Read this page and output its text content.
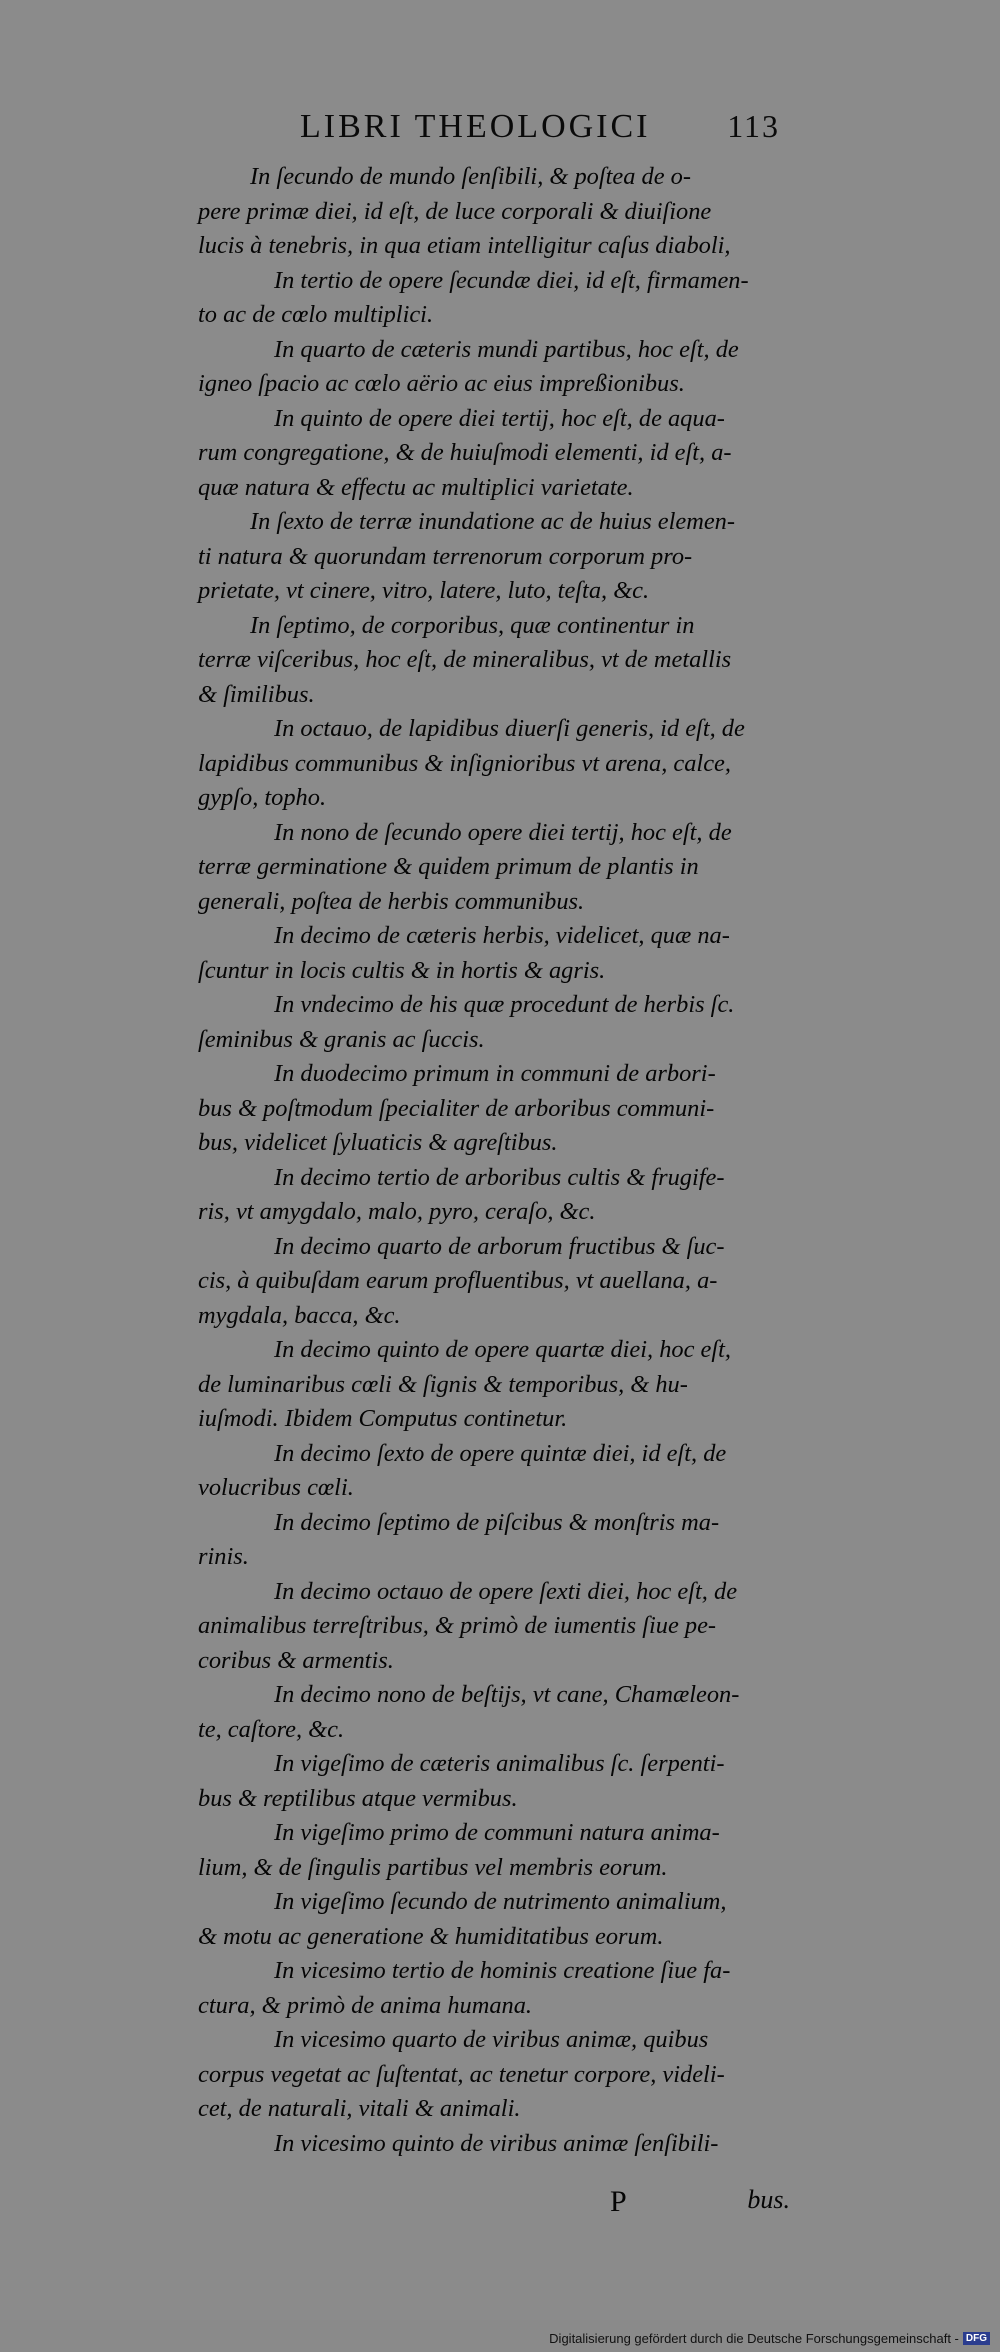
LIBRI THEOLOGICI 113
In ſecundo de mundo ſenſibili, & poſtea de o-
pere primæ diei, id eſt, de luce corporali & diuiſione
lucis à tenebris, in qua etiam intelligitur caſus diaboli,
In tertio de opere ſecundæ diei, id eſt, firmamen-
to ac de cœlo multiplici.
In quarto de cæteris mundi partibus, hoc eſt, de
igneo ſpacio ac cœlo aërio ac eius impreßionibus.
In quinto de opere diei tertij, hoc eſt, de aqua-
rum congregatione, & de huiuſmodi elementi, id eſt, a-
quæ natura & effectu ac multiplici varietate.
In ſexto de terræ inundatione ac de huius elemen-
ti natura & quorundam terrenorum corporum pro-
prietate, vt cinere, vitro, latere, luto, teſta, &c.
In ſeptimo, de corporibus, quæ continentur in
terræ viſceribus, hoc eſt, de mineralibus, vt de metallis
& ſimilibus.
In octauo, de lapidibus diuerſi generis, id eſt, de
lapidibus communibus & inſignioribus vt arena, calce,
gypſo, topho.
In nono de ſecundo opere diei tertij, hoc eſt, de
terræ germinatione & quidem primum de plantis in
generali, poſtea de herbis communibus.
In decimo de cæteris herbis, videlicet, quæ na-
ſcuntur in locis cultis & in hortis & agris.
In vndecimo de his quæ procedunt de herbis ſc.
ſeminibus & granis ac ſuccis.
In duodecimo primum in communi de arbori-
bus & poſtmodum ſpecialiter de arboribus communi-
bus, videlicet ſyluaticis & agreſtibus.
In decimo tertio de arboribus cultis & frugife-
ris, vt amygdalo, malo, pyro, ceraſo, &c.
In decimo quarto de arborum fructibus & ſuc-
cis, à quibuſdam earum profluentibus, vt auellana, a-
mygdala, bacca, &c.
In decimo quinto de opere quartæ diei, hoc eſt,
de luminaribus cœli & ſignis & temporibus, & hu-
iuſmodi. Ibidem Computus continetur.
In decimo ſexto de opere quintæ diei, id eſt, de
volucribus cœli.
In decimo ſeptimo de piſcibus & monſtris ma-
rinis.
In decimo octauo de opere ſexti diei, hoc eſt, de
animalibus terreſtribus, & primò de iumentis ſiue pe-
coribus & armentis.
In decimo nono de beſtijs, vt cane, Chamæleon-
te, caſtore, &c.
In vigeſimo de cæteris animalibus ſc. ſerpenti-
bus & reptilibus atque vermibus.
In vigeſimo primo de communi natura anima-
lium, & de ſingulis partibus vel membris eorum.
In vigeſimo ſecundo de nutrimento animalium,
& motu ac generatione & humiditatibus eorum.
In vicesimo tertio de hominis creatione ſiue fa-
ctura, & primò de anima humana.
In vicesimo quarto de viribus animæ, quibus
corpus vegetat ac ſuſtentat, ac tenetur corpore, videli-
cet, de naturali, vitali & animali.
In vicesimo quinto de viribus animæ ſenſibili-
P	bus.
Digitalisierung gefördert durch die Deutsche Forschungsgemeinschaft - DFG
